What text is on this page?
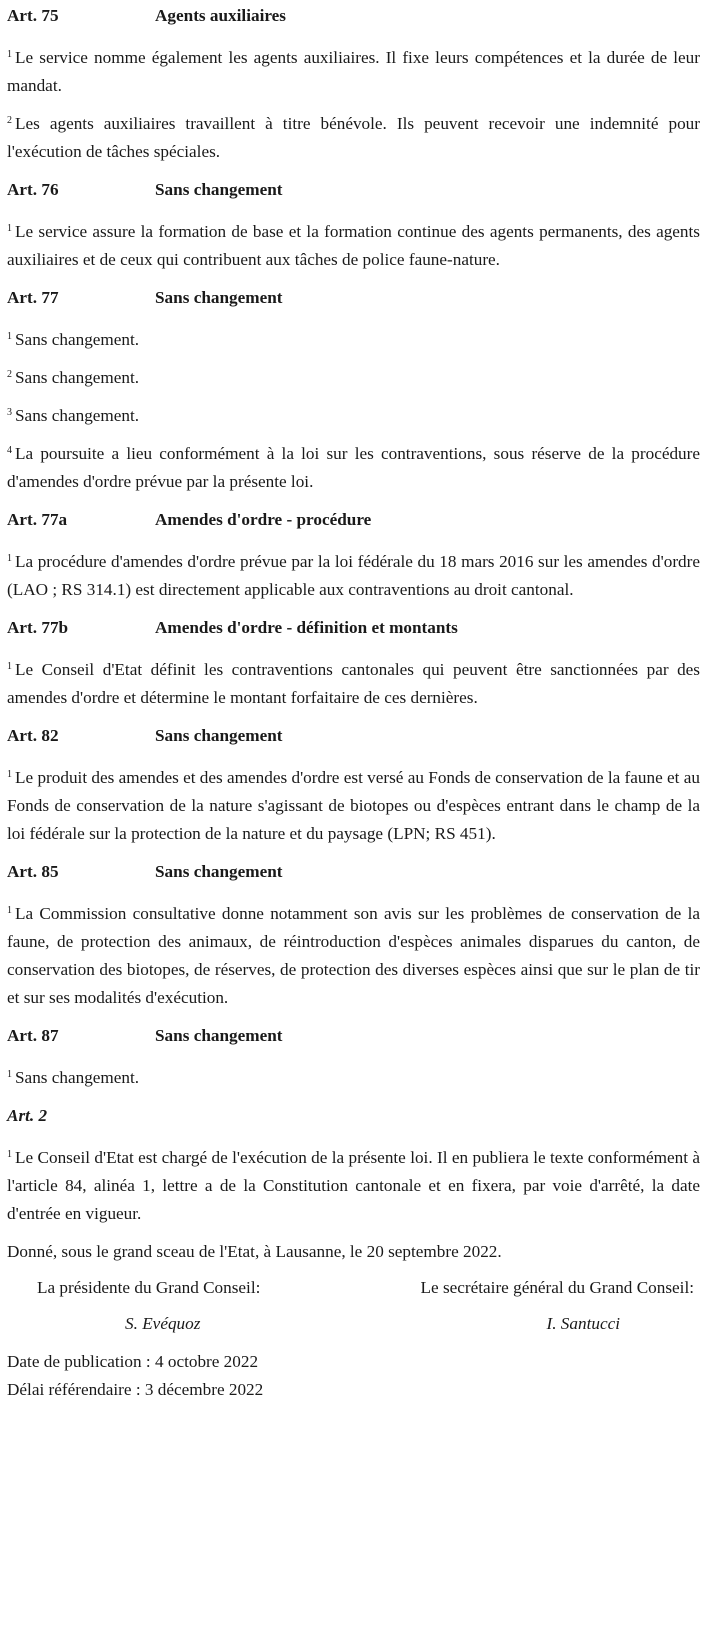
Art. 75	Agents auxiliaires
$^1$ Le service nomme également les agents auxiliaires. Il fixe leurs compétences et la durée de leur mandat.
$^2$ Les agents auxiliaires travaillent à titre bénévole. Ils peuvent recevoir une indemnité pour l'exécution de tâches spéciales.
Art. 76	Sans changement
$^1$ Le service assure la formation de base et la formation continue des agents permanents, des agents auxiliaires et de ceux qui contribuent aux tâches de police faune-nature.
Art. 77	Sans changement
$^1$ Sans changement.
$^2$ Sans changement.
$^3$ Sans changement.
$^4$ La poursuite a lieu conformément à la loi sur les contraventions, sous réserve de la procédure d'amendes d'ordre prévue par la présente loi.
Art. 77a	Amendes d'ordre - procédure
$^1$ La procédure d'amendes d'ordre prévue par la loi fédérale du 18 mars 2016 sur les amendes d'ordre (LAO ; RS 314.1) est directement applicable aux contraventions au droit cantonal.
Art. 77b	Amendes d'ordre - définition et montants
$^1$ Le Conseil d'Etat définit les contraventions cantonales qui peuvent être sanctionnées par des amendes d'ordre et détermine le montant forfaitaire de ces dernières.
Art. 82	Sans changement
$^1$ Le produit des amendes et des amendes d'ordre est versé au Fonds de conservation de la faune et au Fonds de conservation de la nature s'agissant de biotopes ou d'espèces entrant dans le champ de la loi fédérale sur la protection de la nature et du paysage (LPN; RS 451).
Art. 85	Sans changement
$^1$ La Commission consultative donne notamment son avis sur les problèmes de conservation de la faune, de protection des animaux, de réintroduction d'espèces animales disparues du canton, de conservation des biotopes, de réserves, de protection des diverses espèces ainsi que sur le plan de tir et sur ses modalités d'exécution.
Art. 87	Sans changement
$^1$ Sans changement.
Art. 2
$^1$ Le Conseil d'Etat est chargé de l'exécution de la présente loi. Il en publiera le texte conformément à l'article 84, alinéa 1, lettre a de la Constitution cantonale et en fixera, par voie d'arrêté, la date d'entrée en vigueur.
Donné, sous le grand sceau de l'Etat, à Lausanne, le 20 septembre 2022.
La présidente du Grand Conseil:	Le secrétaire général du Grand Conseil:
S. Evéquoz	I. Santucci

Date de publication : 4 octobre 2022

Délai référendaire : 3 décembre 2022
